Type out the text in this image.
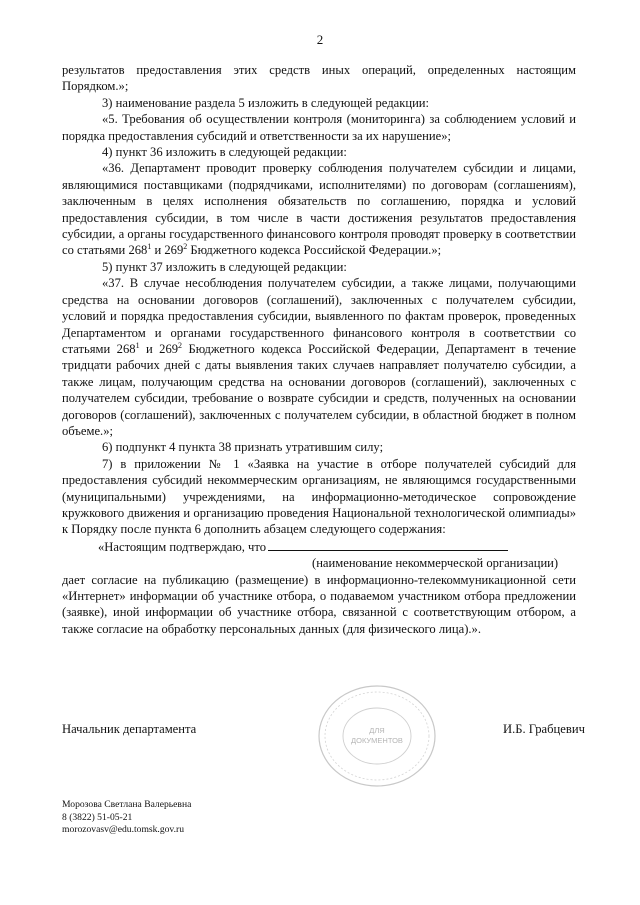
2

результатов предоставления этих средств иных операций, определенных настоящим Порядком.»;

3) наименование раздела 5 изложить в следующей редакции:

«5. Требования об осуществлении контроля (мониторинга) за соблюдением условий и порядка предоставления субсидий и ответственности за их нарушение»;

4) пункт 36 изложить в следующей редакции:

«36. Департамент проводит проверку соблюдения получателем субсидии и лицами, являющимися поставщиками (подрядчиками, исполнителями) по договорам (соглашениям), заключенным в целях исполнения обязательств по соглашению, порядка и условий предоставления субсидии, в том числе в части достижения результатов предоставления субсидии, а органы государственного финансового контроля проводят проверку в соответствии со статьями $268^1$ и $269^2$ Бюджетного кодекса Российской Федерации.»;

5) пункт 37 изложить в следующей редакции:

«37. В случае несоблюдения получателем субсидии, а также лицами, получающими средства на основании договоров (соглашений), заключенных с получателем субсидии, условий и порядка предоставления субсидии, выявленного по фактам проверок, проведенных Департаментом и органами государственного финансового контроля в соответствии со статьями $268^1$ и $269^2$ Бюджетного кодекса Российской Федерации, Департамент в течение тридцати рабочих дней с даты выявления таких случаев направляет получателю субсидии, а также лицам, получающим средства на основании договоров (соглашений), заключенных с получателем субсидии, требование о возврате субсидии и средств, полученных на основании договоров (соглашений), заключенных с получателем субсидии, в областной бюджет в полном объеме.»;

6) подпункт 4 пункта 38 признать утратившим силу;

7) в приложении № 1 «Заявка на участие в отборе получателей субсидий для предоставления субсидий некоммерческим организациям, не являющимся государственными (муниципальными) учреждениями, на информационно-методическое сопровождение кружкового движения и организацию проведения Национальной технологической олимпиады» к Порядку после пункта 6 дополнить абзацем следующего содержания:

«Настоящим подтверждаю, что

(наименование некоммерческой организации)

дает согласие на публикацию (размещение) в информационно-телекоммуникационной сети «Интернет» информации об участнике отбора, о подаваемом участником отбора предложении (заявке), иной информации об участнике отбора, связанной с соответствующим отбором, а также согласие на обработку персональных данных (для физического лица).».

Начальник департамента	ДЛЯ
ДОКУМЕНТОВ
И.Б. Грабцевич
Морозова Светлана Валерьевна
8 (3822) 51-05-21
morozovasv@edu.tomsk.gov.ru
